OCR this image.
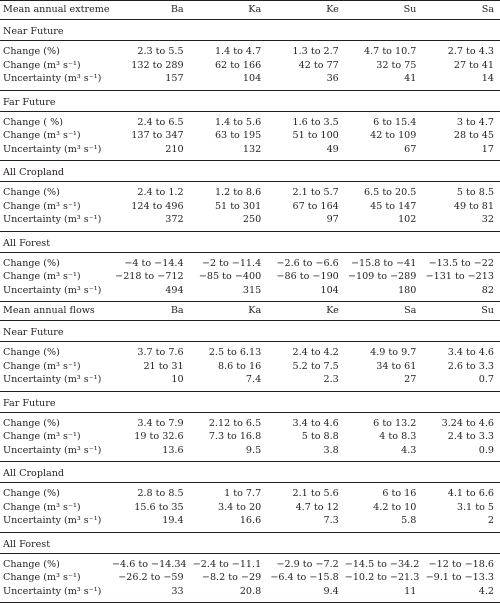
Mean annual extreme	Ba	Ka	Ke	Su	Sa
Near Future					
Change (%)	2.3 to 5.5	1.4 to 4.7	1.3 to 2.7	4.7 to 10.7	2.7 to 4.3
Change (m³ s⁻¹)	132 to 289	62 to 166	42 to 77	32 to 75	27 to 41
Uncertainty (m³ s⁻¹)	157	104	36	41	14
Far Future					
Change ( %)	2.4 to 6.5	1.4 to 5.6	1.6 to 3.5	6 to 15.4	3 to 4.7
Change (m³ s⁻¹)	137 to 347	63 to 195	51 to 100	42 to 109	28 to 45
Uncertainty (m³ s⁻¹)	210	132	49	67	17
All Cropland					
Change (%)	2.4 to 1.2	1.2 to 8.6	2.1 to 5.7	6.5 to 20.5	5 to 8.5
Change (m³ s⁻¹)	124 to 496	51 to 301	67 to 164	45 to 147	49 to 81
Uncertainty (m³ s⁻¹)	372	250	97	102	32
All Forest					
Change (%)	−4 to −14.4	−2 to −11.4	−2.6 to −6.6	−15.8 to −41	−13.5 to −22
Change (m³ s⁻¹)	−218 to −712	−85 to −400	−86 to −190	−109 to −289	−131 to −213
Uncertainty (m³ s⁻¹)	494	315	104	180	82
Mean annual flows	Ba	Ka	Ke	Sa	Su
Near Future					
Change (%)	3.7 to 7.6	2.5 to 6.13	2.4 to 4.2	4.9 to 9.7	3.4 to 4.6
Change (m³ s⁻¹)	21 to 31	8.6 to 16	5.2 to 7.5	34 to 61	2.6 to 3.3
Uncertainty (m³ s⁻¹)	10	7.4	2.3	27	0.7
Far Future					
Change (%)	3.4 to 7.9	2.12 to 6.5	3.4 to 4.6	6 to 13.2	3.24 to 4.6
Change (m³ s⁻¹)	19 to 32.6	7.3 to 16.8	5 to 8.8	4 to 8.3	2.4 to 3.3
Uncertainty (m³ s⁻¹)	13.6	9.5	3.8	4.3	0.9
All Cropland					
Change (%)	2.8 to 8.5	1 to 7.7	2.1 to 5.6	6 to 16	4.1 to 6.6
Change (m³ s⁻¹)	15.6 to 35	3.4 to 20	4.7 to 12	4.2 to 10	3.1 to 5
Uncertainty (m³ s⁻¹)	19.4	16.6	7.3	5.8	2
All Forest					
Change (%)	−4.6 to −14.34	−2.4 to −11.1	−2.9 to −7.2	−14.5 to −34.2	−12 to −18.6
Change (m³ s⁻¹)	−26.2 to −59	−8.2 to −29	−6.4 to −15.8	−10.2 to −21.3	−9.1 to −13.3
Uncertainty (m³ s⁻¹)	33	20.8	9.4	11	4.2
